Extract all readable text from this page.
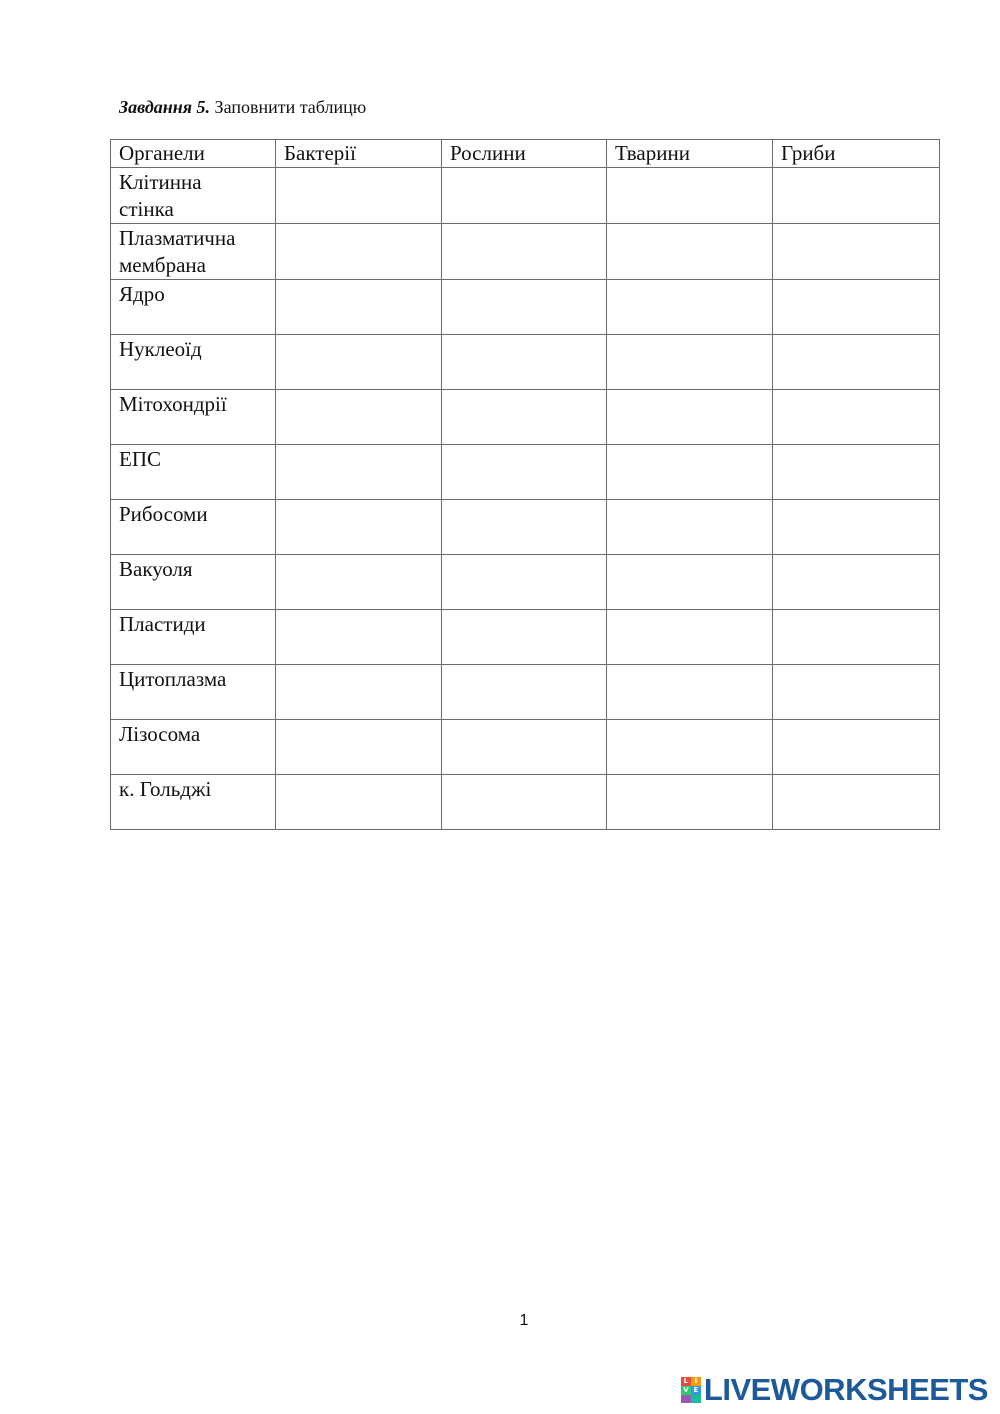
Завдання 5. Заповнити таблицю
Органели	Бактерії	Рослини	Тварини	Гриби

Клітинна
стінка				

Плазматична
мембрана				

Ядро				

Нуклеоїд				

Мітохондрії				

ЕПС				

Рибосоми				

Вакуоля				

Пластиди				

Цитоплазма				

Лізосома				

к. Гольджі				

1
L I
V E LIVEWORKSHEETS
